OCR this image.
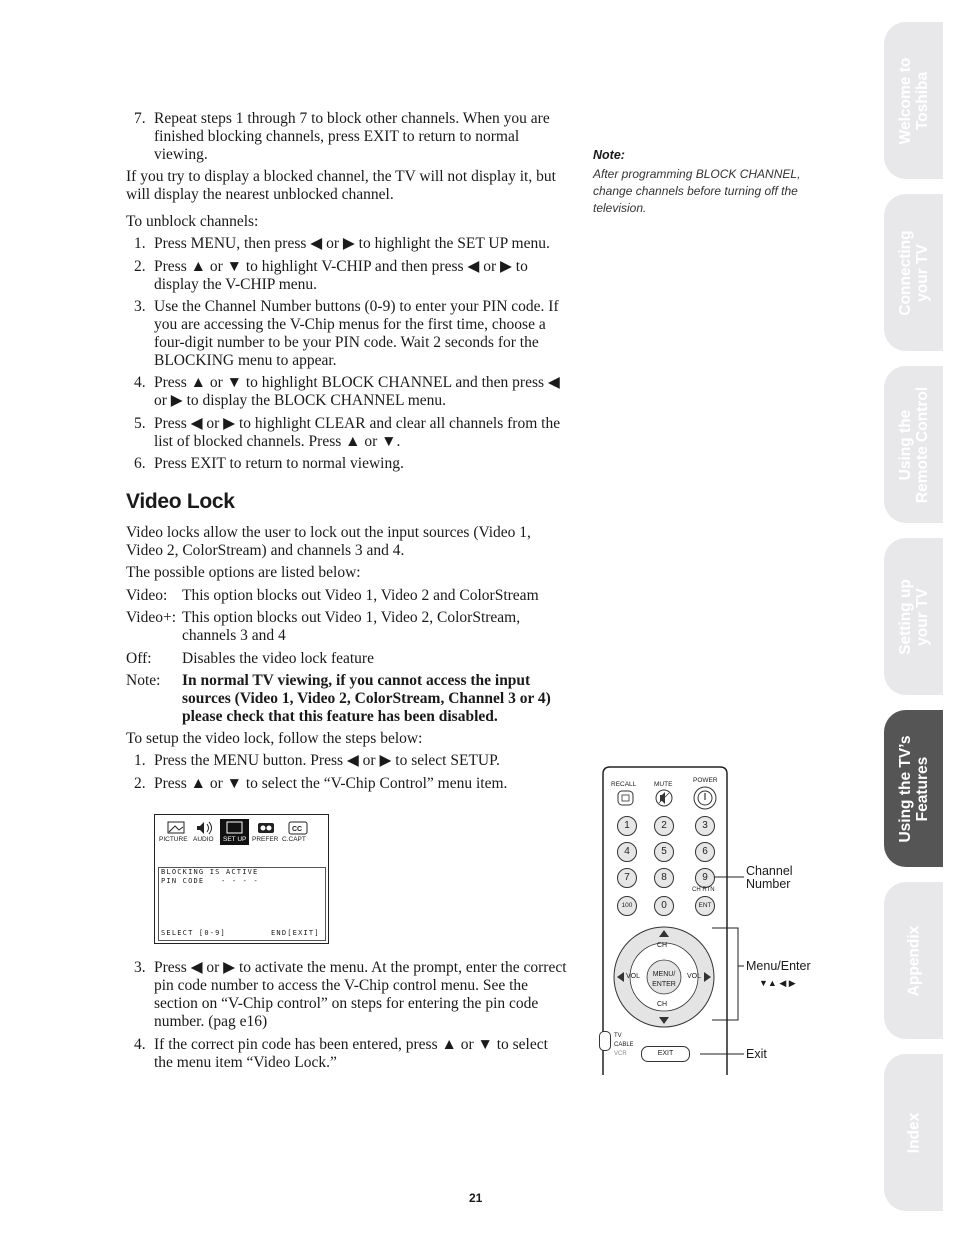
7. Repeat steps 1 through 7 to block other channels. When you are finished blocking channels, press EXIT to return to normal viewing.
If you try to display a blocked channel, the TV will not display it, but will display the nearest unblocked channel.
To unblock channels:
1. Press MENU, then press ◀ or ▶ to highlight the SET UP menu.
2. Press ▲ or ▼ to highlight V-CHIP and then press ◀ or ▶ to display the V-CHIP menu.
3. Use the Channel Number buttons (0-9) to enter your PIN code. If you are accessing the V-Chip menus for the first time, choose a four-digit number to be your PIN code. Wait 2 seconds for the BLOCKING menu to appear.
4. Press ▲ or ▼ to highlight BLOCK CHANNEL and then press ◀ or ▶ to display the BLOCK CHANNEL menu.
5. Press ◀ or ▶ to highlight CLEAR and clear all channels from the list of blocked channels. Press ▲ or ▼.
6. Press EXIT to return to normal viewing.
Video Lock
Video locks allow the user to lock out the input sources (Video 1, Video 2, ColorStream) and channels 3 and 4.
The possible options are listed below:
Video: This option blocks out Video 1, Video 2 and ColorStream
Video+: This option blocks out Video 1, Video 2, ColorStream, channels 3 and 4
Off: Disables the video lock feature
Note: In normal TV viewing, if you cannot access the input sources (Video 1, Video 2, ColorStream, Channel 3 or 4) please check that this feature has been disabled.
To setup the video lock, follow the steps below:
1. Press the MENU button. Press ◀ or ▶ to select SETUP.
2. Press ▲ or ▼ to select the “V-Chip Control” menu item.
PICTURE AUDIO SET UP PREFER
CC
C.CAPT
BLOCKING IS ACTIVE
PIN CODE - - - -
SELECT [0-9]	END[EXIT]
3. Press ◀ or ▶ to activate the menu. At the prompt, enter the correct pin code number to access the V-Chip control menu. See the section on “V-Chip control” on steps for entering the pin code number. (pag e16)
4. If the correct pin code has been entered, press ▲ or ▼ to select the menu item “Video Lock.”
Note:
After programming BLOCK CHANNEL, change channels before turning off the television.
RECALL	MUTE
POWER
1	2	3
4	5	6
7	8	9
100	0	ENT
CH RTN
CH
CH
VOL	VOL
MENU/
ENTER
TV
CABLE
VCR	EXIT
Channel Number
Menu/Enter
▼▲ ◀ ▶
Exit
Welcome to Toshiba
Connecting your TV
Using the Remote Control
Setting up your TV
Using the TV’s Features
Appendix
Index
21
